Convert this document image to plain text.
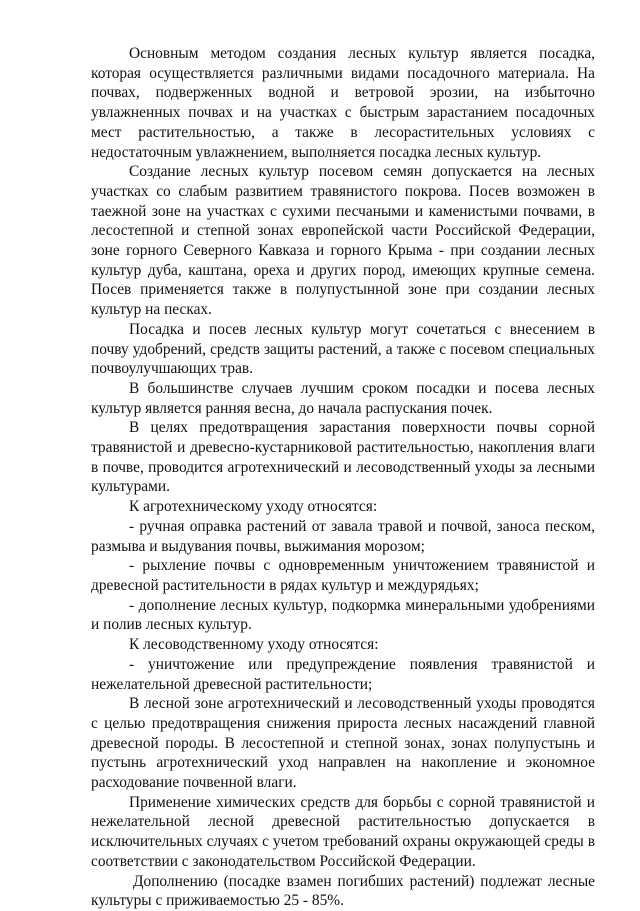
Основным методом создания лесных культур является посадка, которая осуществляется различными видами посадочного материала. На почвах, подверженных водной и ветровой эрозии, на избыточно увлажненных почвах и на участках с быстрым зарастанием посадочных мест растительностью, а также в лесорастительных условиях с недостаточным увлажнением, выполняется посадка лесных культур.

Создание лесных культур посевом семян допускается на лесных участках со слабым развитием травянистого покрова. Посев возможен в таежной зоне на участках с сухими песчаными и каменистыми почвами, в лесостепной и степной зонах европейской части Российской Федерации, зоне горного Северного Кавказа и горного Крыма - при создании лесных культур дуба, каштана, ореха и других пород, имеющих крупные семена. Посев применяется также в полупустынной зоне при создании лесных культур на песках.

Посадка и посев лесных культур могут сочетаться с внесением в почву удобрений, средств защиты растений, а также с посевом специальных почвоулучшающих трав.

В большинстве случаев лучшим сроком посадки и посева лесных культур является ранняя весна, до начала распускания почек.

В целях предотвращения зарастания поверхности почвы сорной травянистой и древесно-кустарниковой растительностью, накопления влаги в почве, проводится агротехнический и лесоводственный уходы за лесными культурами.

К агротехническому уходу относятся:

- ручная оправка растений от завала травой и почвой, заноса песком, размыва и выдувания почвы, выжимания морозом;

- рыхление почвы с одновременным уничтожением травянистой и древесной растительности в рядах культур и междурядьях;

- дополнение лесных культур, подкормка минеральными удобрениями и полив лесных культур.

К лесоводственному уходу относятся:

- уничтожение или предупреждение появления травянистой и нежелательной древесной растительности;

В лесной зоне агротехнический и лесоводственный уходы проводятся с целью предотвращения снижения прироста лесных насаждений главной древесной породы. В лесостепной и степной зонах, зонах полупустынь и пустынь агротехнический уход направлен на накопление и экономное расходование почвенной влаги.

Применение химических средств для борьбы с сорной травянистой и нежелательной лесной древесной растительностью допускается в исключительных случаях с учетом требований охраны окружающей среды в соответствии с законодательством Российской Федерации.

Дополнению (посадке взамен погибших растений) подлежат лесные культуры с приживаемостью 25 - 85%.
